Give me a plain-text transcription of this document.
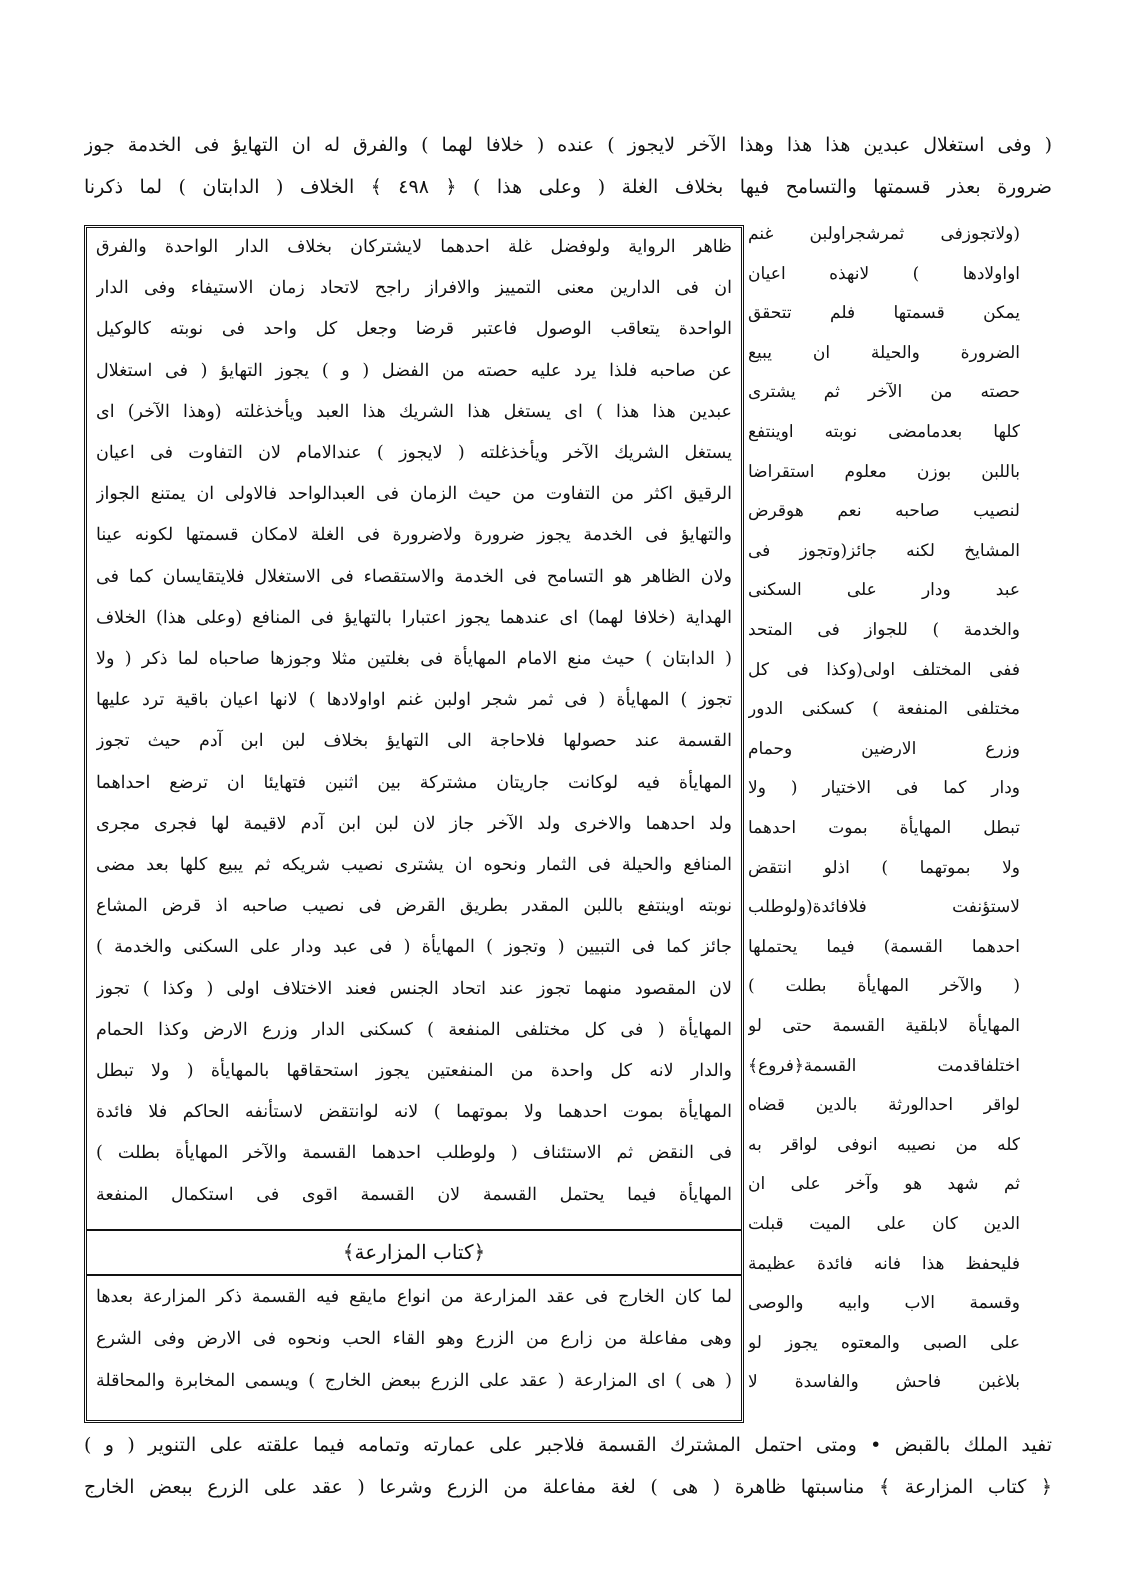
( وفى استغلال عبدين هذا هذا وهذا الآخر لايجوز ) عنده ( خلافا لهما ) والفرق له ان التهايؤ فى الخدمة جوز
ضرورة بعذر قسمتها والتسامح فيها بخلاف الغلة ( وعلى هذا ) ﴿ ٤٩٨ ﴾ الخلاف ( الدابتان ) لما ذكرنا
(ولاتجوزفى ثمرشجراولبن غنم
اواولادها ) لانهذه اعيان
يمكن قسمتها فلم تتحقق
الضرورة والحيلة ان يبيع
حصته من الآخر ثم يشترى
كلها بعدمامضى نوبته اوينتفع
باللبن بوزن معلوم استقراضا
لنصيب صاحبه نعم هوقرض
المشايخ لكنه جائز(وتجوز فى
عبد ودار على السكنى
والخدمة ) للجواز فى المتحد
ففى المختلف اولى(وكذا فى كل
مختلفى المنفعة ) كسكنى الدور
وزرع الارضين وحمام
ودار كما فى الاختيار ( ولا
تبطل المهايأة بموت احدهما
ولا بموتهما ) اذلو انتقض
لاستؤنفت فلافائدة(ولوطلب
احدهما القسمة) فيما يحتملها
( والآخر المهايأة بطلت )
المهايأة لابلقية القسمة حتى لو
اختلفاقدمت القسمة﴿فروع﴾
لواقر احدالورثة بالدين قضاه
كله من نصيبه انوفى لواقر به
ثم شهد هو وآخر على ان
الدين كان على الميت قبلت
فليحفظ هذا فانه فائدة عظيمة
وقسمة الاب وابيه والوصى
على الصبى والمعتوه يجوز لو
بلاغبن فاحش والفاسدة لا
ظاهر الرواية ولوفضل غلة احدهما لايشتركان بخلاف الدار الواحدة والفرق
ان فى الدارين معنى التمييز والافراز راجح لاتحاد زمان الاستيفاء وفى الدار
الواحدة يتعاقب الوصول فاعتبر قرضا وجعل كل واحد فى نوبته كالوكيل
عن صاحبه فلذا يرد عليه حصته من الفضل ( و ) يجوز التهايؤ ( فى استغلال
عبدين هذا هذا ) اى يستغل هذا الشريك هذا العبد ويأخذغلته (وهذا الآخر) اى
يستغل الشريك الآخر ويأخذغلته ( لايجوز ) عندالامام لان التفاوت فى اعيان
الرقيق اكثر من التفاوت من حيث الزمان فى العبدالواحد فالاولى ان يمتنع الجواز
والتهايؤ فى الخدمة يجوز ضرورة ولاضرورة فى الغلة لامكان قسمتها لكونه عينا
ولان الظاهر هو التسامح فى الخدمة والاستقصاء فى الاستغلال فلايتقايسان كما فى
الهداية (خلافا لهما) اى عندهما يجوز اعتبارا بالتهايؤ فى المنافع (وعلى هذا) الخلاف
( الدابتان ) حيث منع الامام المهايأة فى بغلتين مثلا وجوزها صاحباه لما ذكر ( ولا
تجوز ) المهايأة ( فى ثمر شجر اولبن غنم اواولادها ) لانها اعيان باقية ترد عليها
القسمة عند حصولها فلاحاجة الى التهايؤ بخلاف لبن ابن آدم حيث تجوز
المهايأة فيه لوكانت جاريتان مشتركة بين اثنين فتهايئا ان ترضع احداهما
ولد احدهما والاخرى ولد الآخر جاز لان لبن ابن آدم لاقيمة لها فجرى مجرى
المنافع والحيلة فى الثمار ونحوه ان يشترى نصيب شريكه ثم يبيع كلها بعد مضى
نوبته اوينتفع باللبن المقدر بطريق القرض فى نصيب صاحبه اذ قرض المشاع
جائز كما فى التبيين ( وتجوز ) المهايأة ( فى عبد ودار على السكنى والخدمة )
لان المقصود منهما تجوز عند اتحاد الجنس فعند الاختلاف اولى ( وكذا ) تجوز
المهايأة ( فى كل مختلفى المنفعة ) كسكنى الدار وزرع الارض وكذا الحمام
والدار لانه كل واحدة من المنفعتين يجوز استحقاقها بالمهايأة ( ولا تبطل
المهايأة بموت احدهما ولا بموتهما ) لانه لوانتقض لاستأنفه الحاكم فلا فائدة
فى النقض ثم الاستئناف ( ولوطلب احدهما القسمة والآخر المهايأة بطلت )
المهايأة فيما يحتمل القسمة لان القسمة اقوى فى استكمال المنفعة
﴿كتاب المزارعة﴾
لما كان الخارج فى عقد المزارعة من انواع مايقع فيه القسمة ذكر المزارعة بعدها
وهى مفاعلة من زارع من الزرع وهو القاء الحب ونحوه فى الارض وفى الشرع
( هى ) اى المزارعة ( عقد على الزرع ببعض الخارج ) ويسمى المخابرة والمحاقلة
تفيد الملك بالقبض • ومتى احتمل المشترك القسمة فلاجبر على عمارته وتمامه فيما علقته على التنوير ( و )
﴿ كتاب المزارعة ﴾ مناسبتها ظاهرة ( هى ) لغة مفاعلة من الزرع وشرعا ( عقد على الزرع ببعض الخارج
